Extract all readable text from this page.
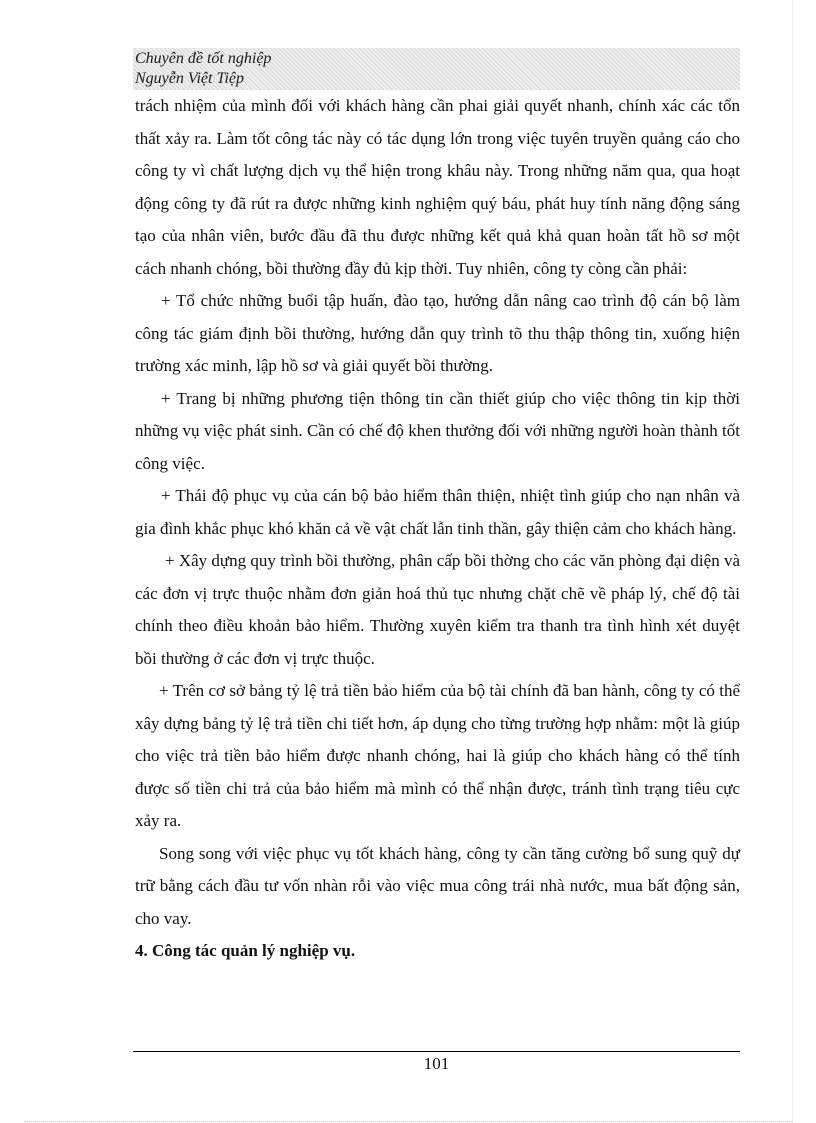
Chuyên đề tốt nghiệp
Nguyễn Việt Tiệp

trách nhiệm của mình đối với khách hàng cần phai giải quyết nhanh, chính xác các tổn thất xảy ra. Làm tốt công tác này có tác dụng lớn trong việc tuyên truyền quảng cáo cho công ty vì chất lượng dịch vụ thể hiện trong khâu này. Trong những năm qua, qua hoạt động công ty đã rút ra được những kinh nghiệm quý báu, phát huy tính năng động sáng tạo của nhân viên, bước đầu đã thu được những kết quả khả quan hoàn tất hồ sơ một cách nhanh chóng, bồi thường đầy đủ kịp thời. Tuy nhiên, công ty còng cần phải:

+ Tổ chức những buổi tập huấn, đào tạo, hướng dẫn nâng cao trình độ cán bộ làm công tác giám định bồi thường, hướng dẫn quy trình tõ thu thập thông tin, xuống hiện trường xác minh, lập hồ sơ và giải quyết bồi thường.

+ Trang bị những phương tiện thông tin cần thiết giúp cho việc thông tin kịp thời những vụ việc phát sinh. Cần có chế độ khen thưởng đối với những người hoàn thành tốt công việc.

+ Thái độ phục vụ của cán bộ bảo hiểm thân thiện, nhiệt tình giúp cho nạn nhân và gia đình khắc phục khó khăn cả về vật chất lẫn tinh thần, gây thiện cảm cho khách hàng.

+ Xây dựng quy trình bồi thường, phân cấp bồi thờng cho các văn phòng đại diện và các đơn vị trực thuộc nhằm đơn giản hoá thủ tục nhưng chặt chẽ về pháp lý, chế độ tài chính theo điều khoản bảo hiểm. Thường xuyên kiểm tra thanh tra tình hình xét duyệt bồi thường ở các đơn vị trực thuộc.

+ Trên cơ sở bảng tỷ lệ trả tiền bảo hiểm của bộ tài chính đã ban hành, công ty có thể xây dựng bảng tỷ lệ trả tiền chi tiết hơn, áp dụng cho từng trường hợp nhằm: một là giúp cho việc trả tiền bảo hiểm được nhanh chóng, hai là giúp cho khách hàng có thể tính được số tiền chi trả của bảo hiểm mà mình có thể nhận được, tránh tình trạng tiêu cực xảy ra.

Song song với việc phục vụ tốt khách hàng, công ty cần tăng cường bổ sung quỹ dự trữ bằng cách đầu tư vốn nhàn rỗi vào việc mua công trái nhà nước, mua bất động sản, cho vay.

4. Công tác quản lý nghiệp vụ.

101
